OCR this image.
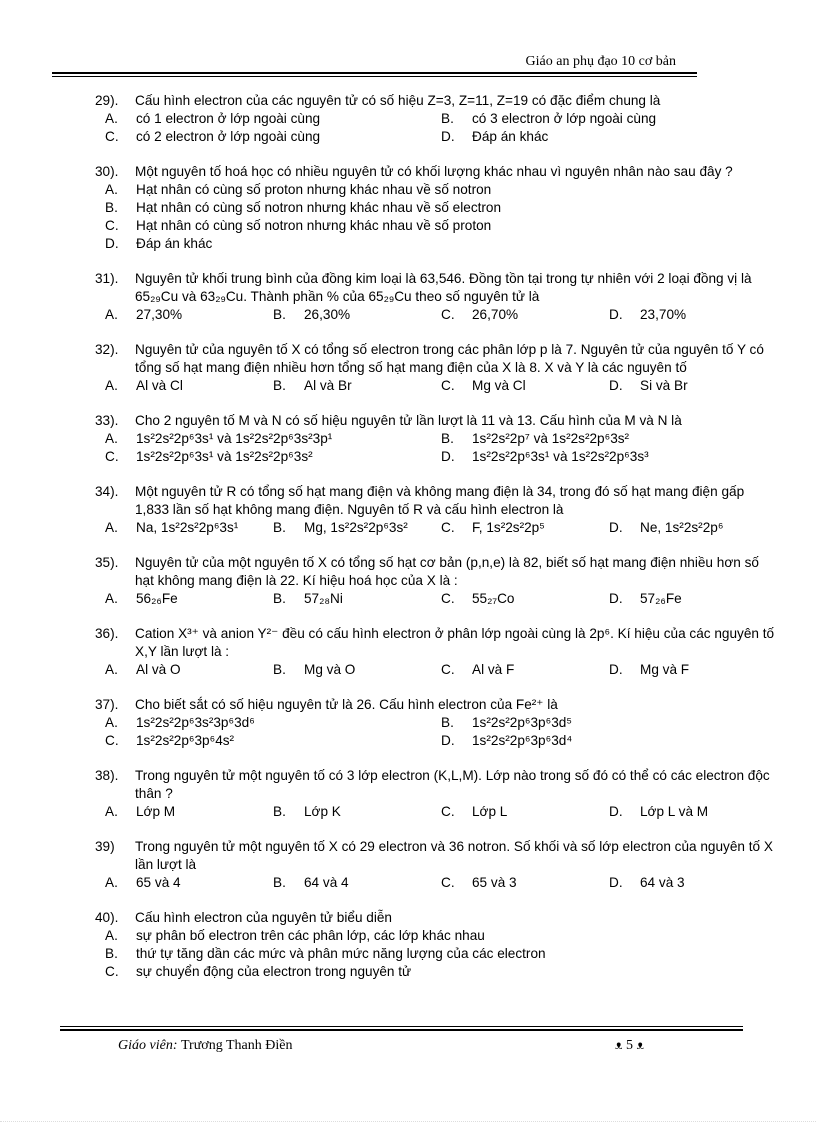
Giáo an phụ đạo 10 cơ bản
29).	Cấu hình electron của các nguyên tử có số hiệu Z=3, Z=11, Z=19 có đặc điểm chung là
A.	có 1 electron ở lớp ngoài cùng	B.	có 3 electron ở lớp ngoài cùng
C.	có 2 electron ở lớp ngoài cùng	D.	Đáp án khác
30).	Một nguyên tố hoá học có nhiều nguyên tử có khối lượng khác nhau vì nguyên nhân nào sau đây ?
A.	Hạt nhân có cùng số proton nhưng khác nhau về số notron
B.	Hạt nhân có cùng số notron nhưng khác nhau về số electron
C.	Hạt nhân có cùng số notron nhưng khác nhau về số proton
D.	Đáp án khác
31).	Nguyên tử khối trung bình của đồng kim loại là 63,546. Đồng tồn tại trong tự nhiên với 2 loại đồng vị là 65₂₉Cu và 63₂₉Cu. Thành phần % của 65₂₉Cu theo số nguyên tử là
A.	27,30%	B.	26,30%	C.	26,70%	D.	23,70%
32).	Nguyên tử của nguyên tố X có tổng số electron trong các phân lớp p là 7. Nguyên tử của nguyên tố Y có tổng số hạt mang điện nhiều hơn tổng số hạt mang điện của X là 8. X và Y là các nguyên tố
A.	Al và Cl	B.	Al và Br	C.	Mg và Cl	D.	Si và Br
33).	Cho 2 nguyên tố M và N có số hiệu nguyên tử lần lượt là 11 và 13. Cấu hình của M và N là
A.	1s²2s²2p⁶3s¹ và 1s²2s²2p⁶3s²3p¹	B.	1s²2s²2p⁷ và 1s²2s²2p⁶3s²
C.	1s²2s²2p⁶3s¹ và 1s²2s²2p⁶3s²	D.	1s²2s²2p⁶3s¹ và 1s²2s²2p⁶3s³
34).	Một nguyên tử R có tổng số hạt mang điện và không mang điện là 34, trong đó số hạt mang điện gấp 1,833 lần số hạt không mang điện. Nguyên tố R và cấu hình electron là
A.	Na, 1s²2s²2p⁶3s¹	B.	Mg, 1s²2s²2p⁶3s² C.	F, 1s²2s²2p⁵	D.	Ne, 1s²2s²2p⁶
35).	Nguyên tử của một nguyên tố X có tổng số hạt cơ bản (p,n,e) là 82, biết số hạt mang điện nhiều hơn số hạt không mang điện là 22. Kí hiệu hoá học của X là :
A.	56₂₆Fe	B.	57₂₈Ni	C.	55₂₇Co	D.	57₂₆Fe
36).	Cation X³⁺ và anion Y²⁻ đều có cấu hình electron ở phân lớp ngoài cùng là 2p⁶. Kí hiệu của các nguyên tố X,Y lần lượt là :
A.	Al và O	B.	Mg và O	C.	Al và F	D.	Mg và F
37).	Cho biết sắt có số hiệu nguyên tử là 26. Cấu hình electron của Fe²⁺ là
A.	1s²2s²2p⁶3s²3p⁶3d⁶	B.	1s²2s²2p⁶3p⁶3d⁵
C.	1s²2s²2p⁶3p⁶4s²	D.	1s²2s²2p⁶3p⁶3d⁴
38).	Trong nguyên tử một nguyên tố có 3 lớp electron (K,L,M). Lớp nào trong số đó có thể có các electron độc thân ?
A.	Lớp M	B.	Lớp K	C.	Lớp L	D.	Lớp L và M
39)	Trong nguyên tử một nguyên tố X có 29 electron và 36 notron. Số khối và số lớp electron của nguyên tố X lần lượt là
A.	65 và 4	B.	64 và 4	C.	65 và 3	D.	64 và 3
40).	Cấu hình electron của nguyên tử biểu diễn
A.	sự phân bố electron trên các phân lớp, các lớp khác nhau
B.	thứ tự tăng dần các mức và phân mức năng lượng của các electron
C.	sự chuyển động của electron trong nguyên tử
Giáo viên: Trương Thanh Điền	ᴥ 5 ᴥ
